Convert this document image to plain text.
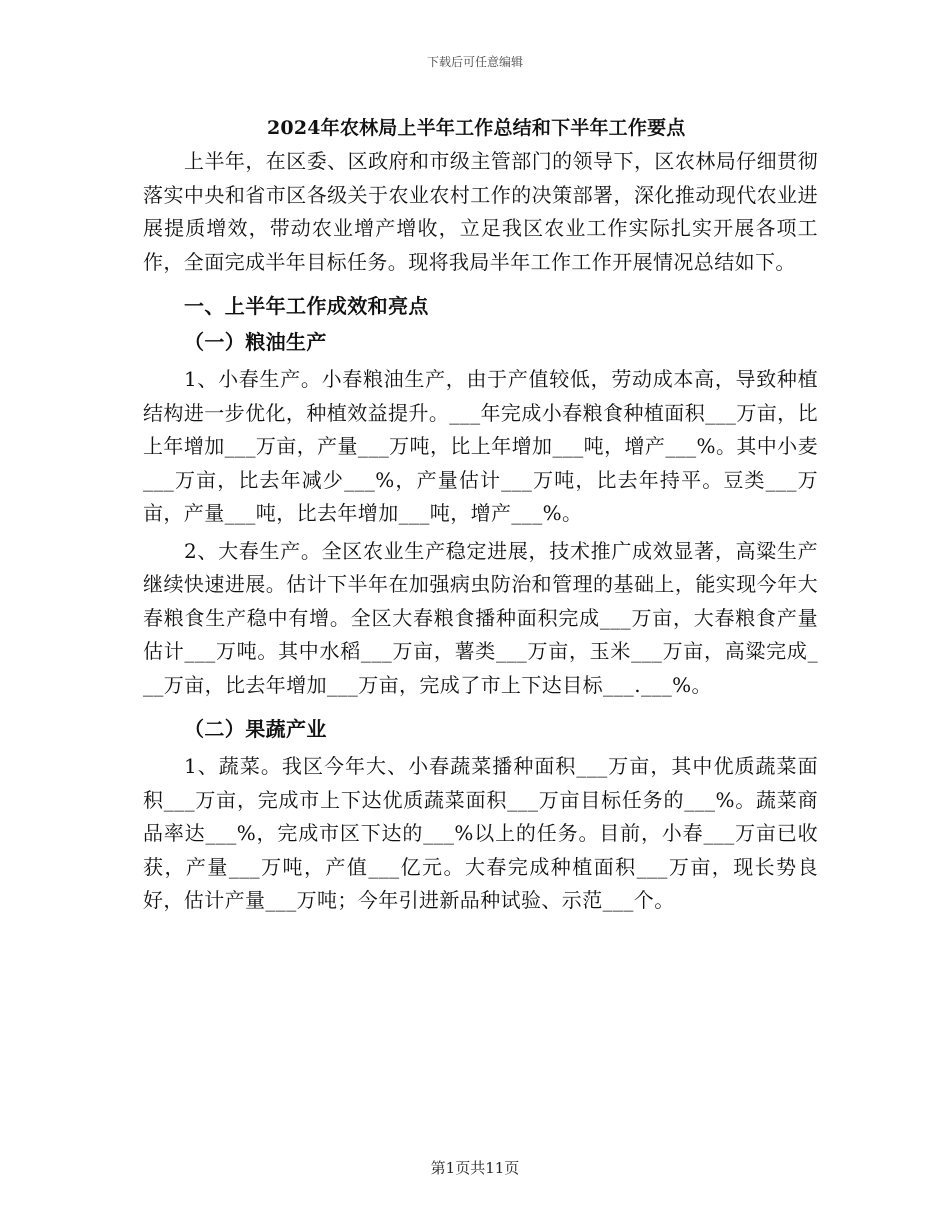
下载后可任意编辑
2024年农林局上半年工作总结和下半年工作要点

上半年，在区委、区政府和市级主管部门的领导下，区农林局仔细贯彻落实中央和省市区各级关于农业农村工作的决策部署，深化推动现代农业进展提质增效，带动农业增产增收，立足我区农业工作实际扎实开展各项工作，全面完成半年目标任务。现将我局半年工作工作开展情况总结如下。

一、上半年工作成效和亮点
（一）粮油生产

1、小春生产。小春粮油生产，由于产值较低，劳动成本高，导致种植结构进一步优化，种植效益提升。___年完成小春粮食种植面积___万亩，比上年增加___万亩，产量___万吨，比上年增加___吨，增产___%。其中小麦___万亩，比去年减少___%，产量估计___万吨，比去年持平。豆类___万亩，产量___吨，比去年增加___吨，增产___%。

2、大春生产。全区农业生产稳定进展，技术推广成效显著，高粱生产继续快速进展。估计下半年在加强病虫防治和管理的基础上，能实现今年大春粮食生产稳中有增。全区大春粮食播种面积完成___万亩，大春粮食产量估计___万吨。其中水稻___万亩，薯类___万亩，玉米___万亩，高粱完成___万亩，比去年增加___万亩，完成了市上下达目标___.___%。

（二）果蔬产业

1、蔬菜。我区今年大、小春蔬菜播种面积___万亩，其中优质蔬菜面积___万亩，完成市上下达优质蔬菜面积___万亩目标任务的___%。蔬菜商品率达___%，完成市区下达的___%以上的任务。目前，小春___万亩已收获，产量___万吨，产值___亿元。大春完成种植面积___万亩，现长势良好，估计产量___万吨；今年引进新品种试验、示范___个。

第1页共11页
